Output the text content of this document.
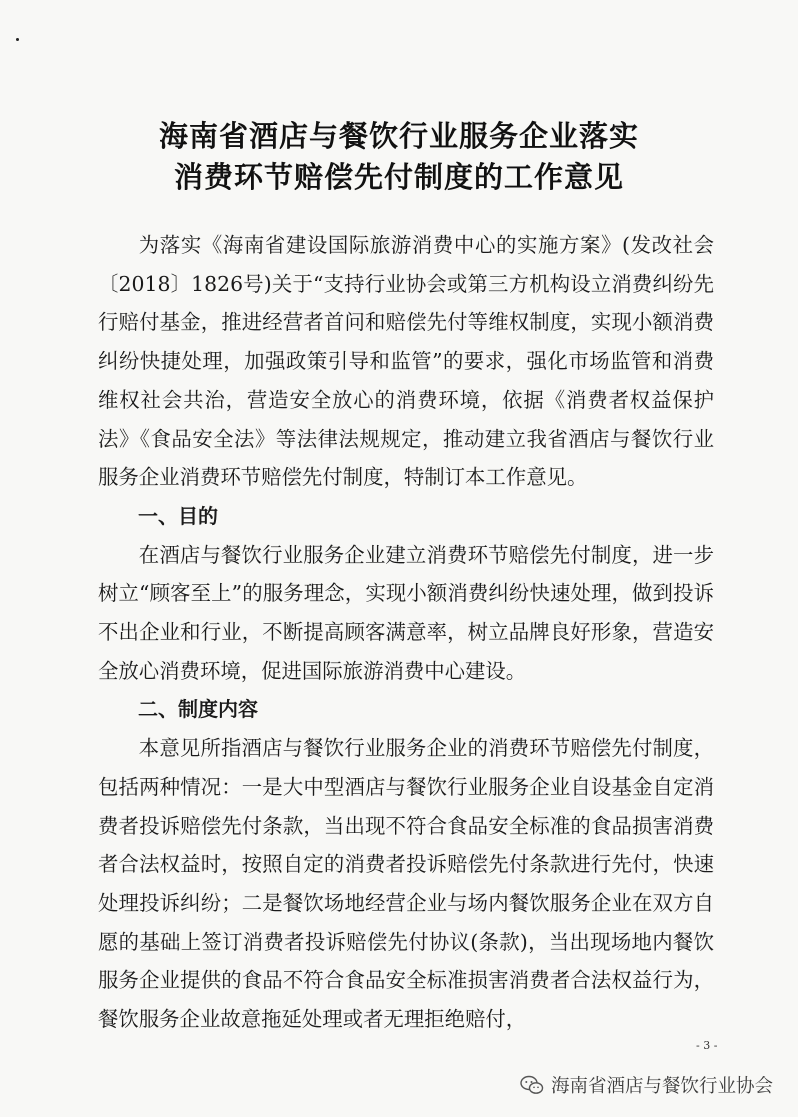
海南省酒店与餐饮行业服务企业落实
消费环节赔偿先付制度的工作意见

为落实《海南省建设国际旅游消费中心的实施方案》(发改社会〔2018〕1826号)关于“支持行业协会或第三方机构设立消费纠纷先行赔付基金，推进经营者首问和赔偿先付等维权制度，实现小额消费纠纷快捷处理，加强政策引导和监管”的要求，强化市场监管和消费维权社会共治，营造安全放心的消费环境，依据《消费者权益保护法》《食品安全法》等法律法规规定，推动建立我省酒店与餐饮行业服务企业消费环节赔偿先付制度，特制订本工作意见。

一、目的

在酒店与餐饮行业服务企业建立消费环节赔偿先付制度，进一步树立“顾客至上”的服务理念，实现小额消费纠纷快速处理，做到投诉不出企业和行业，不断提高顾客满意率，树立品牌良好形象，营造安全放心消费环境，促进国际旅游消费中心建设。

二、制度内容

本意见所指酒店与餐饮行业服务企业的消费环节赔偿先付制度，包括两种情况：一是大中型酒店与餐饮行业服务企业自设基金自定消费者投诉赔偿先付条款，当出现不符合食品安全标准的食品损害消费者合法权益时，按照自定的消费者投诉赔偿先付条款进行先付，快速处理投诉纠纷；二是餐饮场地经营企业与场内餐饮服务企业在双方自愿的基础上签订消费者投诉赔偿先付协议(条款)，当出现场地内餐饮服务企业提供的食品不符合食品安全标准损害消费者合法权益行为，餐饮服务企业故意拖延处理或者无理拒绝赔付，

- 3 -
海南省酒店与餐饮行业协会
